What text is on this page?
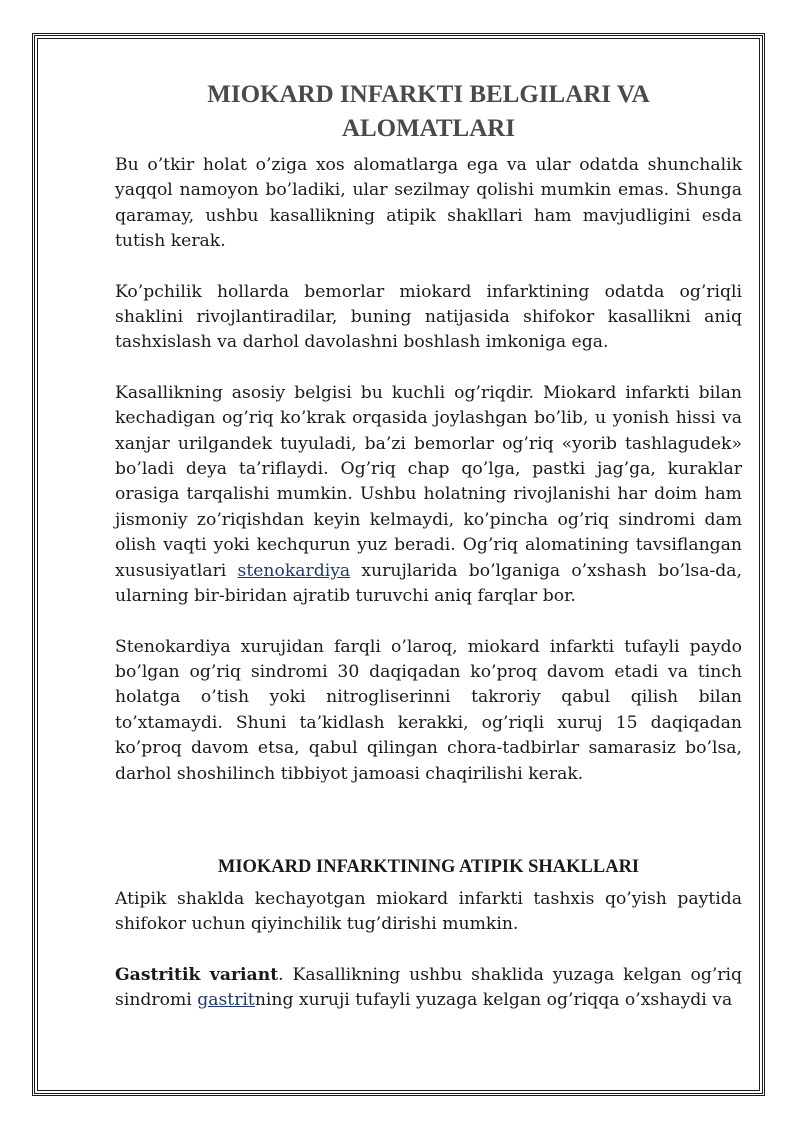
MIOKARD INFARKTI BELGILARI VA ALOMATLARI

Bu o’tkir holat o’ziga xos alomatlarga ega va ular odatda shunchalik yaqqol namoyon bo’ladiki, ular sezilmay qolishi mumkin emas. Shunga qaramay, ushbu kasallikning atipik shakllari ham mavjudligini esda tutish kerak.

Ko’pchilik hollarda bemorlar miokard infarktining odatda og’riqli shaklini rivojlantiradilar, buning natijasida shifokor kasallikni aniq tashxislash va darhol davolashni boshlash imkoniga ega.

Kasallikning asosiy belgisi bu kuchli og’riqdir. Miokard infarkti bilan kechadigan og’riq ko’krak orqasida joylashgan bo’lib, u yonish hissi va xanjar urilgandek tuyuladi, ba’zi bemorlar og’riq «yorib tashlagudek» bo’ladi deya ta’riflaydi. Og’riq chap qo’lga, pastki jag’ga, kuraklar orasiga tarqalishi mumkin. Ushbu holatning rivojlanishi har doim ham jismoniy zo’riqishdan keyin kelmaydi, ko’pincha og’riq sindromi dam olish vaqti yoki kechqurun yuz beradi. Og’riq alomatining tavsiflangan xususiyatlari stenokardiya xurujlarida bo’lganiga o’xshash bo’lsa-da, ularning bir-biridan ajratib turuvchi aniq farqlar bor.

Stenokardiya xurujidan farqli o’laroq, miokard infarkti tufayli paydo bo’lgan og’riq sindromi 30 daqiqadan ko’proq davom etadi va tinch holatga o’tish yoki nitrogliserinni takroriy qabul qilish bilan to’xtamaydi. Shuni ta’kidlash kerakki, og’riqli xuruj 15 daqiqadan ko’proq davom etsa, qabul qilingan chora-tadbirlar samarasiz bo’lsa, darhol shoshilinch tibbiyot jamoasi chaqirilishi kerak.

MIOKARD INFARKTINING ATIPIK SHAKLLARI

Atipik shaklda kechayotgan miokard infarkti tashxis qo’yish paytida shifokor uchun qiyinchilik tug’dirishi mumkin.

Gastritik variant. Kasallikning ushbu shaklida yuzaga kelgan og’riq sindromi gastritning xuruji tufayli yuzaga kelgan og’riqqa o’xshaydi va
